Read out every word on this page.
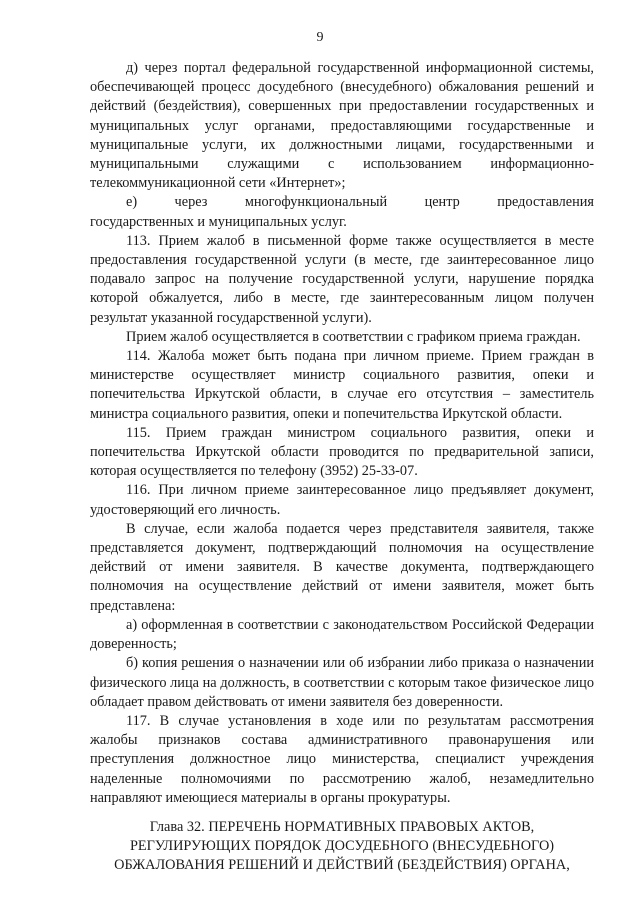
9

д) через портал федеральной государственной информационной системы, обеспечивающей процесс досудебного (внесудебного) обжалования решений и действий (бездействия), совершенных при предоставлении государственных и муниципальных услуг органами, предоставляющими государственные и муниципальные услуги, их должностными лицами, государственными и муниципальными служащими с использованием информационно-телекоммуникационной сети «Интернет»;

е) через многофункциональный центр предоставления

государственных и муниципальных услуг.

113. Прием жалоб в письменной форме также осуществляется в месте предоставления государственной услуги (в месте, где заинтересованное лицо подавало запрос на получение государственной услуги, нарушение порядка которой обжалуется, либо в месте, где заинтересованным лицом получен результат указанной государственной услуги).

Прием жалоб осуществляется в соответствии с графиком приема граждан.

114. Жалоба может быть подана при личном приеме. Прием граждан в министерстве осуществляет министр социального развития, опеки и попечительства Иркутской области, в случае его отсутствия – заместитель министра социального развития, опеки и попечительства Иркутской области.

115. Прием граждан министром социального развития, опеки и попечительства Иркутской области проводится по предварительной записи, которая осуществляется по телефону (3952) 25-33-07.

116. При личном приеме заинтересованное лицо предъявляет документ, удостоверяющий его личность.

В случае, если жалоба подается через представителя заявителя, также представляется документ, подтверждающий полномочия на осуществление действий от имени заявителя. В качестве документа, подтверждающего полномочия на осуществление действий от имени заявителя, может быть представлена:

а) оформленная в соответствии с законодательством Российской Федерации доверенность;

б) копия решения о назначении или об избрании либо приказа о назначении физического лица на должность, в соответствии с которым такое физическое лицо обладает правом действовать от имени заявителя без доверенности.

117. В случае установления в ходе или по результатам рассмотрения жалобы признаков состава административного правонарушения или преступления должностное лицо министерства, специалист учреждения наделенные полномочиями по рассмотрению жалоб, незамедлительно направляют имеющиеся материалы в органы прокуратуры.

Глава 32. ПЕРЕЧЕНЬ НОРМАТИВНЫХ ПРАВОВЫХ АКТОВ,
РЕГУЛИРУЮЩИХ ПОРЯДОК ДОСУДЕБНОГО (ВНЕСУДЕБНОГО)
ОБЖАЛОВАНИЯ РЕШЕНИЙ И ДЕЙСТВИЙ (БЕЗДЕЙСТВИЯ) ОРГАНА,
